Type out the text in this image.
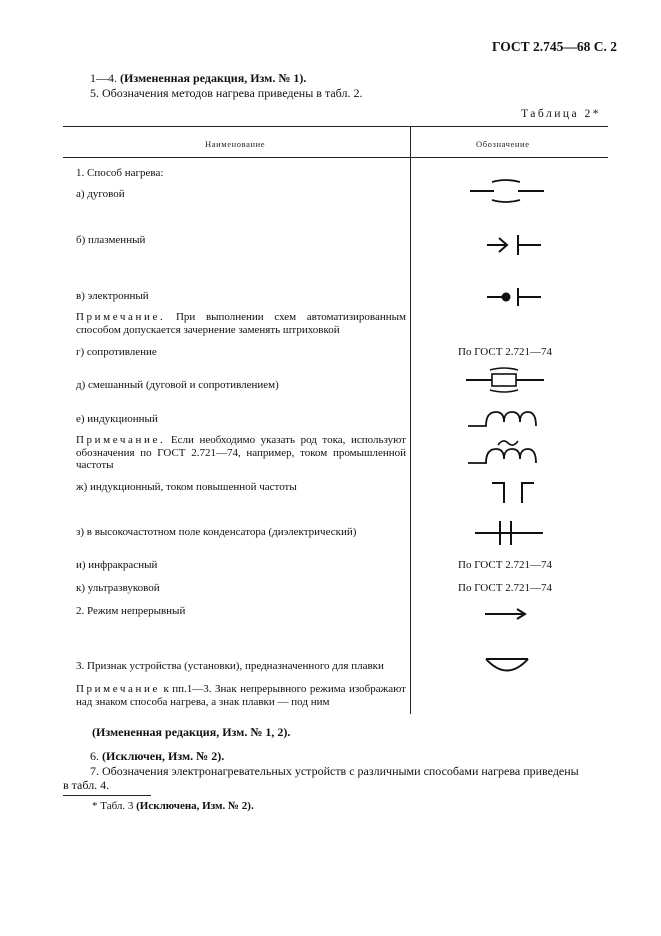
ГОСТ 2.745—68 С. 2
1—4. (Измененная редакция, Изм. № 1).
5. Обозначения методов нагрева приведены в табл. 2.
Таблица 2*
Наименование	Обозначение
1. Способ нагрева:
а) дуговой
б) плазменный
в) электронный
Примечание. При выполнении схем автоматизированным способом допускается зачернение заменять штриховкой
г) сопротивление
д) смешанный (дуговой и сопротивлением)
е) индукционный
Примечание. Если необходимо указать род тока, используют обозначения по ГОСТ 2.721—74, например, током промышленной частоты
ж) индукционный, током повышенной частоты
з) в высокочастотном поле конденсатора (диэлектрический)
и) инфракрасный
к) ультразвуковой
2. Режим непрерывный
3. Признак устройства (установки), предназначенного для плавки
Примечание к пп.1—3. Знак непрерывного режима изображают над знаком способа нагрева, а знак плавки — под ним
По ГОСТ 2.721—74
По ГОСТ 2.721—74
По ГОСТ 2.721—74
(Измененная редакция, Изм. № 1, 2).
6. (Исключен, Изм. № 2).
7. Обозначения электронагревательных устройств с различными способами нагрева приведены
в табл. 4.
* Табл. 3 (Исключена, Изм. № 2).
